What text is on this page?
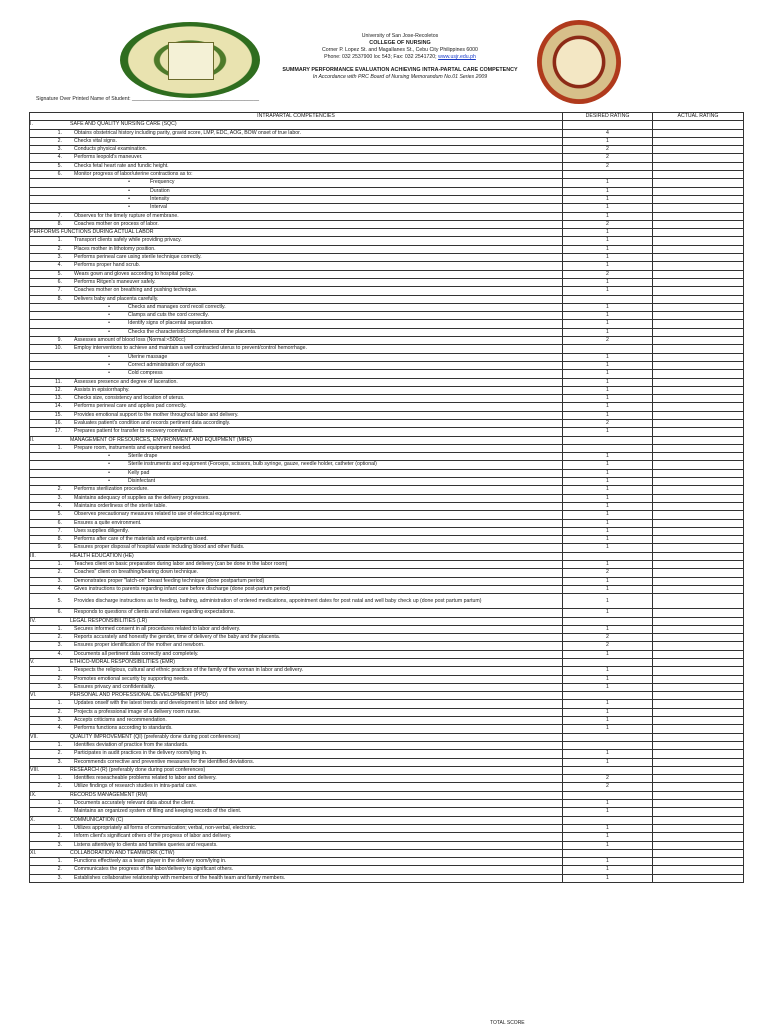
University of San Jose-Recoletos
COLLEGE OF NURSING
Corner P. Lopez St. and Magallanes St., Cebu City Philippines 6000
Phone: 032 2537900 loc 543; Fax: 032 2541720; www.usjr.edu.ph
SUMMARY PERFORMANCE EVALUATION ACHIEVING INTRA-PARTAL CARE COMPETENCY
In Accordance with PRC Board of Nursing Memorandum No.01 Series 2009
Signature Over Printed Name of Student: ____________________________________________
INTRAPARTAL COMPETENCIES	DESIRED RATING	ACTUAL RATING
I. SAFE AND QUALITY NURSING CARE (SQC)		
1. Obtains obstetrical history including parity, gravid score, LMP, EDC, AOG, BOW onset of true labor.	4	
2. Checks vital signs.	1	
3. Conducts physical examination.	2	
4. Performs leopold's maneuver.	2	
5. Checks fetal heart rate and fundic height.	2	
6. Monitor progress of labor/uterine contractions as to:		
• Frequency	1	
• Duration	1	
• Intensity	1	
• Interval	1	
7. Observes for the timely rupture of membrane.	1	
8. Coaches mother on process of labor.	2	
PERFORMS FUNCTIONS DURING ACTUAL LABOR	1	
1. Transport clients safely while providing privacy.	1	
2. Places mother in lithotomy position.	1	
3. Performs perineal care using sterile technique correctly.	1	
4. Performs proper hand scrub.	1	
5. Wears gown and gloves according to hospital policy.	2	
6. Performs Ritgen's maneuver safely.	1	
7. Coaches mother on breathing and pushing technique.	1	
8. Delivers baby and placenta carefully.		
• Checks and manages cord recoil correctly.	1	
• Clamps and cuts the cord correctly.	1	
• Identify signs of placental separation.	1	
• Checks the characteristic/completeness of the placenta.	1	
9. Assesses amount of blood loss (Normal:<500cc)	2	
10. Employ interventions to achieve and maintain a well contracted uterus to prevent/control hemorrhage.		
• Uterine massage	1	
• Correct administration of oxytocin	1	
• Cold compress	1	
11. Assesses presence and degree of laceration.	1	
12. Assists in episiorrhaphy.	1	
13. Checks size, consistency and location of uterus.	1	
14. Performs perineal care and applies pad correctly.	1	
15. Provides emotional support to the mother throughout labor and delivery.	1	
16. Evaluates patient's condition and records pertinent data accordingly.	2	
17. Prepares patient for transfer to recovery room/ward.	1	
II. MANAGEMENT OF RESOURCES, ENVIRONMENT AND EQUIPMENT (MRE)		
1. Prepare room, instruments and equipment needed.		
• Sterile drape	1	
• Sterile instruments and equipment (Forceps, scissors, bulb syringe, gauze, needle holder, catheter (optional)	1	
• Kelly pad	1	
• Disinfectant	1	
2. Performs sterilization procedure.	1	
3. Maintains adequacy of supplies as the delivery progresses.	1	
4. Maintains orderliness of the sterile table.	1	
5. Observes precautionary measures related to use of electrical equipment.	1	
6. Ensures a quite environment.	1	
7. Uses supplies diligently.	1	
8. Performs after care of the materials and equipments used.	1	
9. Ensures proper disposal of hospital waste including blood and other fluids.	1	
III. HEALTH EDUCATION (HE)		
1. Teaches client on basic preparation during labor and delivery (can be done in the labor room)	1	
2. Coaches" client on breathing/bearing down technique.	2	
3. Demonstrates proper "latch-on" breast feeding technique (done postpartum period)	1	
4. Gives instructions to parents regarding infant care before discharge (done post-partum period)	1	
5. Provides discharge instructions as to feeding, bathing, administration of ordered medications, appointment dates for post natal and well baby check up (done post partum partum)	1	
6. Responds to questions of clients and relatives regarding expectations.	1	
IV. LEGAL RESPONSIBILITIES (LR)		
1. Secures informed consent in all procedures related to labor and delivery.	1	
2. Reports accurately and honestly the gender, time of delivery of the baby and the placenta.	2	
3. Ensures proper identification of the mother and newborn.	2	
4. Documents all pertinent data correctly and completely.	1	
V. ETHICO-MORAL RESPONSIBILITIES (EMR)		
1. Respects the religious, cultural and ethnic practices of the family of the woman in labor and delivery.	1	
2. Promotes emotional security by supporting needs.	1	
3. Ensures privacy and confidentiality.	1	
VI. PERSONAL AND PROFESSIONAL DEVELOPMENT (PPD)		
1. Updates onself with the latest trends and development in labor and delivery.	1	
2. Projects a professional image of a delivery room nurse.	1	
3. Accepts criticisms and recommendation.	1	
4. Performs functions according to standards.	1	
VII. QUALITY IMPROVEMENT (QI) (preferably done during post conferences)		
1. Identifies deviation of practice from the standards.		
2. Participates in audit practices in the delivery room/lying in.	1	
3. Recommends corrective and preventive measures for the identified deviations.	1	
VIII. RESEARCH (R) (preferably done during post conferences)		
1. Identifies reseacheable problems related to labor and delivery.	2	
2. Utilize findings of research studies in intra-partal care.	2	
IX. RECORDS MANAGEMENT (RM)		
1. Documents accurately relevant data about the client.	1	
2. Maintains an organized system of filing and keeping records of the client.	1	
X. COMMUNICATION (C)		
1. Utilizes appropriately all forms of communication; verbal, non-verbal, electronic.	1	
2. Inform client's significant others of the progress of labor and delivery.	1	
3. Listens attentively to clients and families queries and requests.	1	
XI. COLLABORATION AND TEAMWORK (CTW)		
1. Functions effectively as a team player in the delivery room/lying in.	1	
2. Communicates the progress of the labor/delivery to significant others.	1	
3. Establishes collaborative relationship with members of the health team and family members.	1	
TOTAL SCORE
